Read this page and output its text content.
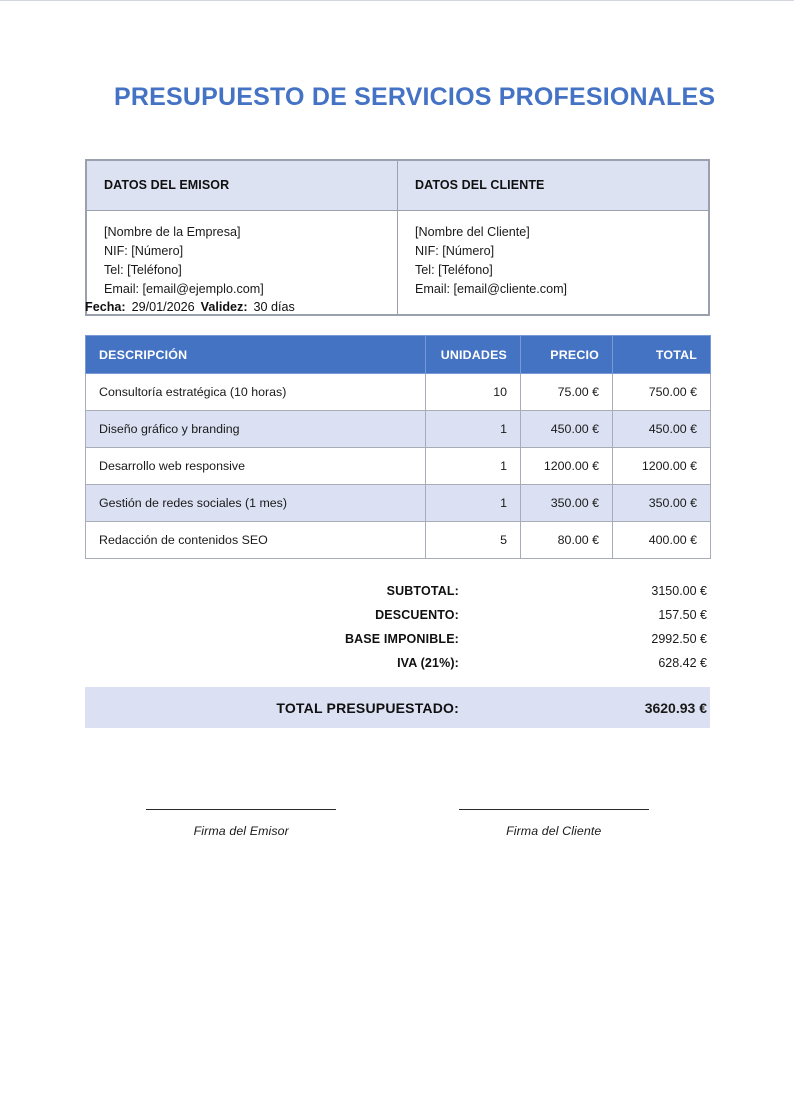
PRESUPUESTO DE SERVICIOS PROFESIONALES
DATOS DEL EMISOR	DATOS DEL CLIENTE

[Nombre de la Empresa]
NIF: [Número]
Tel: [Teléfono]
Email: [email@ejemplo.com]	[Nombre del Cliente]
NIF: [Número]
Tel: [Teléfono]
Email: [email@cliente.com]
Fecha: 29/01/2026 Validez: 30 días
DESCRIPCIÓN	UNIDADES	PRECIO	TOTAL
Consultoría estratégica (10 horas)	10	75.00 €	750.00 €
Diseño gráfico y branding	1	450.00 €	450.00 €
Desarrollo web responsive	1	1200.00 €	1200.00 €
Gestión de redes sociales (1 mes)	1	350.00 €	350.00 €
Redacción de contenidos SEO	5	80.00 €	400.00 €
SUBTOTAL:	3150.00 €
DESCUENTO:	157.50 €
BASE IMPONIBLE:	2992.50 €
IVA (21%):	628.42 €

TOTAL PRESUPUESTADO:	3620.93 €
Firma del Emisor	Firma del Cliente
